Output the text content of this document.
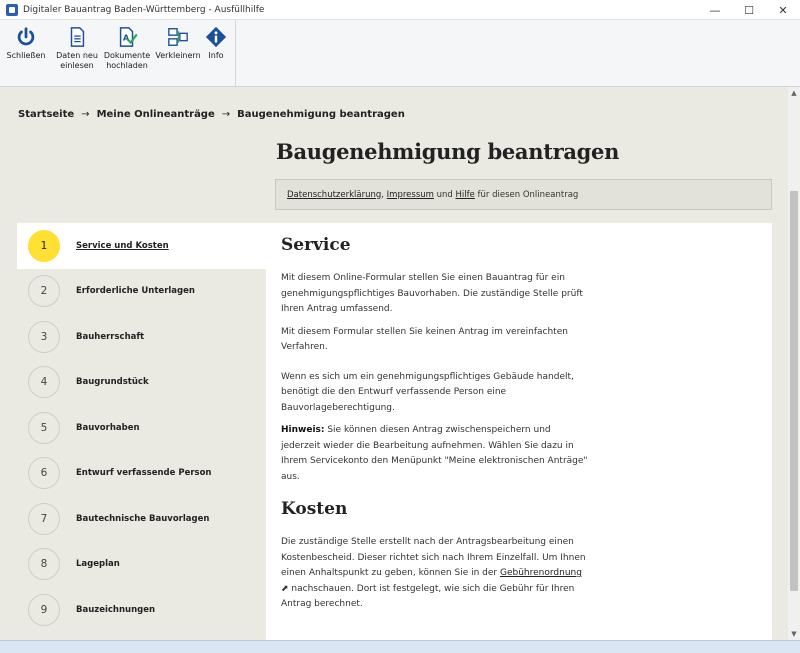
Digitaler Bauantrag Baden-Württemberg - Ausfüllhilfe	—	☐	✕
Schließen Daten neu
einlesen
A
Dokumente
hochladen
Verkleinern Info
Startseite → Meine Onlineanträge → Baugenehmigung beantragen
Baugenehmigung beantragen
Datenschutzerklärung ,
Impressum
und
Hilfe
für diesen Onlineantrag
1	Service und Kosten
2	Erforderliche Unterlagen
3	Bauherrschaft
4	Baugrundstück
5	Bauvorhaben
6	Entwurf verfassende Person
7	Bautechnische Bauvorlagen
8	Lageplan
9	Bauzeichnungen
Service

Mit diesem Online-Formular stellen Sie einen Bauantrag für ein genehmigungspflichtiges Bauvorhaben. Die zuständige Stelle prüft Ihren Antrag umfassend.

Mit diesem Formular stellen Sie keinen Antrag im vereinfachten Verfahren.

Wenn es sich um ein genehmigungspflichtiges Gebäude handelt, benötigt die den Entwurf verfassende Person eine Bauvorlageberechtigung.

Hinweis: Sie können diesen Antrag zwischenspeichern und jederzeit wieder die Bearbeitung aufnehmen. Wählen Sie dazu in Ihrem Servicekonto den Menüpunkt "Meine elektronischen Anträge" aus.

Kosten

Die zuständige Stelle erstellt nach der Antragsbearbeitung einen Kostenbescheid. Dieser richtet sich nach Ihrem Einzelfall. Um Ihnen einen Anhaltspunkt zu geben, können Sie in der Gebührenordnung ⬈ nachschauen. Dort ist festgelegt, wie sich die Gebühr für Ihren Antrag berechnet.

▲
▼
